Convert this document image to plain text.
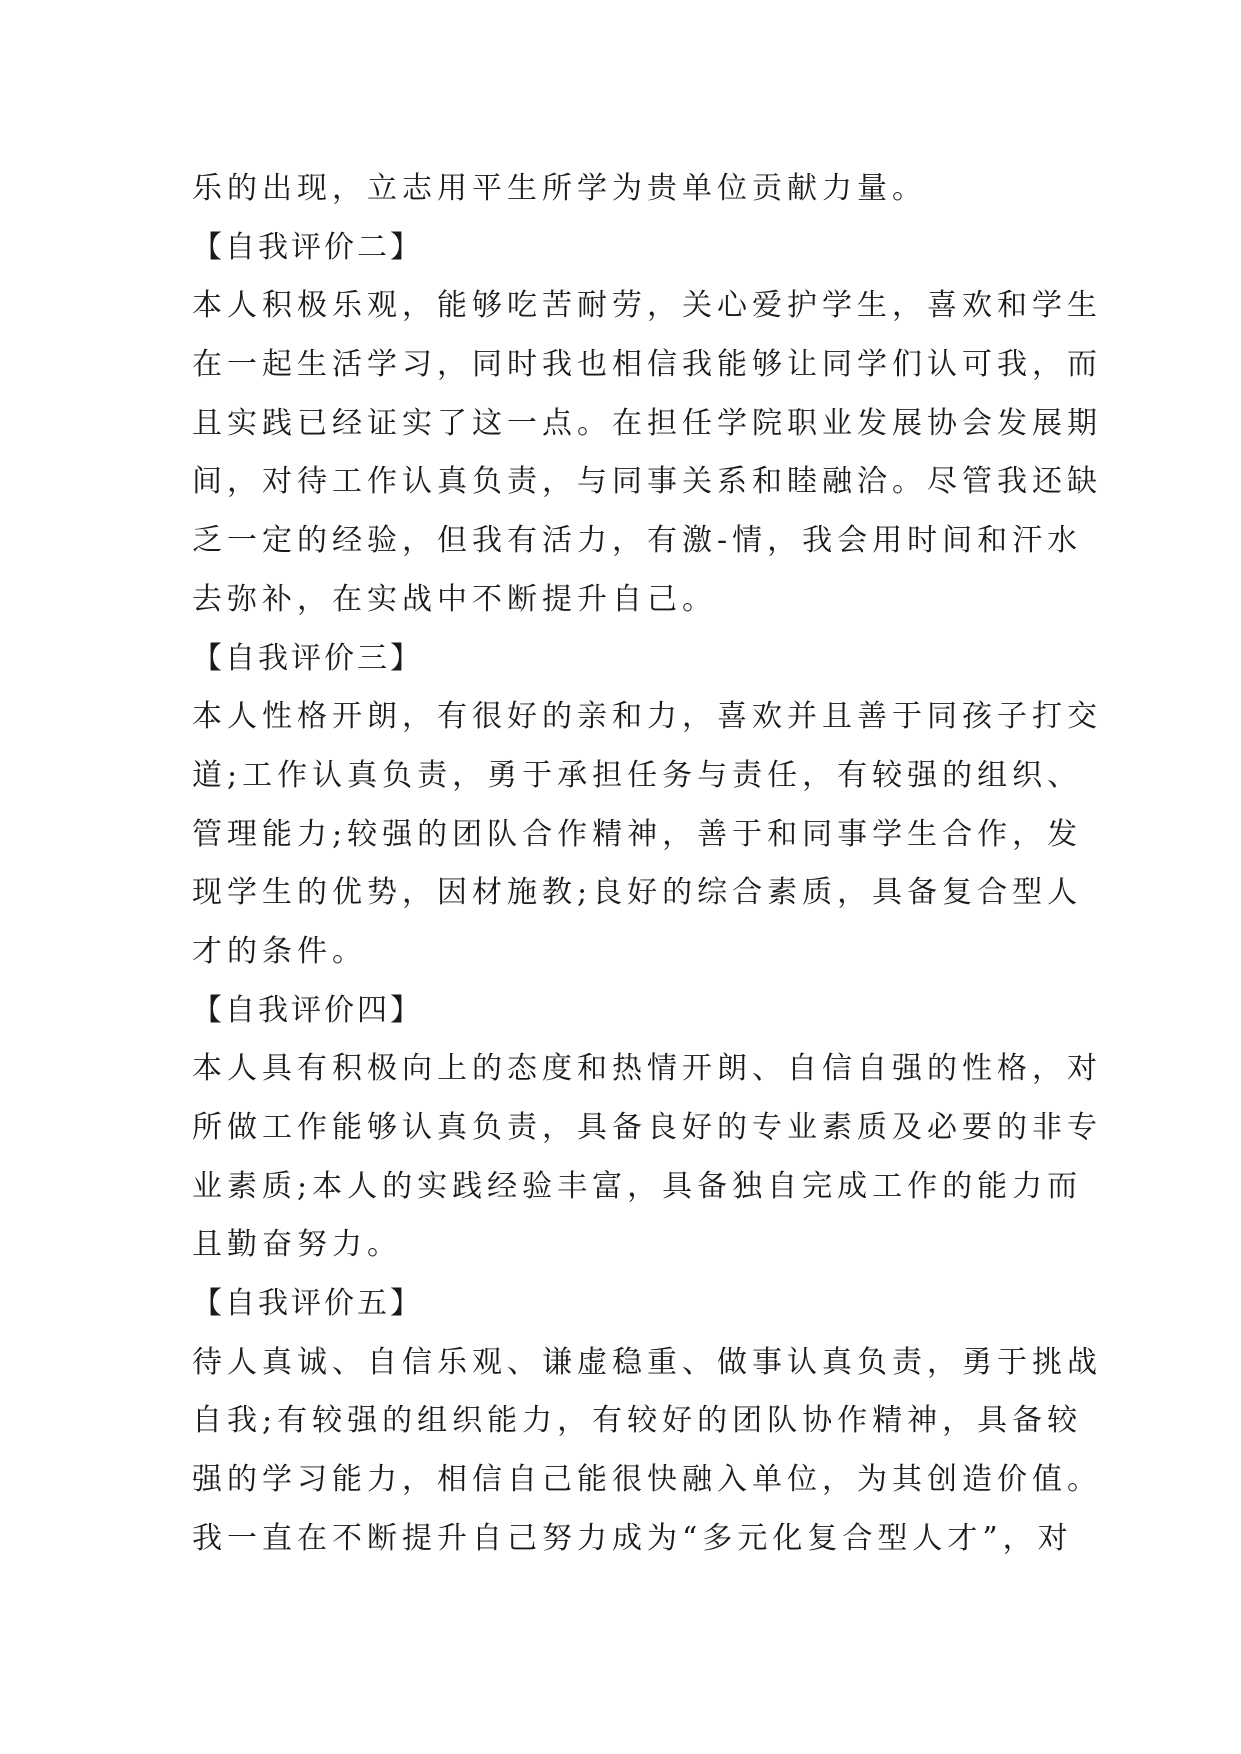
乐的出现，立志用平生所学为贵单位贡献力量。
【自我评价二】
本人积极乐观，能够吃苦耐劳，关心爱护学生，喜欢和学生
在一起生活学习，同时我也相信我能够让同学们认可我，而
且实践已经证实了这一点。在担任学院职业发展协会发展期
间，对待工作认真负责，与同事关系和睦融洽。尽管我还缺
乏一定的经验，但我有活力，有激-情，我会用时间和汗水
去弥补，在实战中不断提升自己。
【自我评价三】
本人性格开朗，有很好的亲和力，喜欢并且善于同孩子打交
道;工作认真负责，勇于承担任务与责任，有较强的组织、
管理能力;较强的团队合作精神，善于和同事学生合作，发
现学生的优势，因材施教;良好的综合素质，具备复合型人
才的条件。
【自我评价四】
本人具有积极向上的态度和热情开朗、自信自强的性格，对
所做工作能够认真负责，具备良好的专业素质及必要的非专
业素质;本人的实践经验丰富，具备独自完成工作的能力而
且勤奋努力。
【自我评价五】
待人真诚、自信乐观、谦虚稳重、做事认真负责，勇于挑战
自我;有较强的组织能力，有较好的团队协作精神，具备较
强的学习能力，相信自己能很快融入单位，为其创造价值。
我一直在不断提升自己努力成为“多元化复合型人才”，对
